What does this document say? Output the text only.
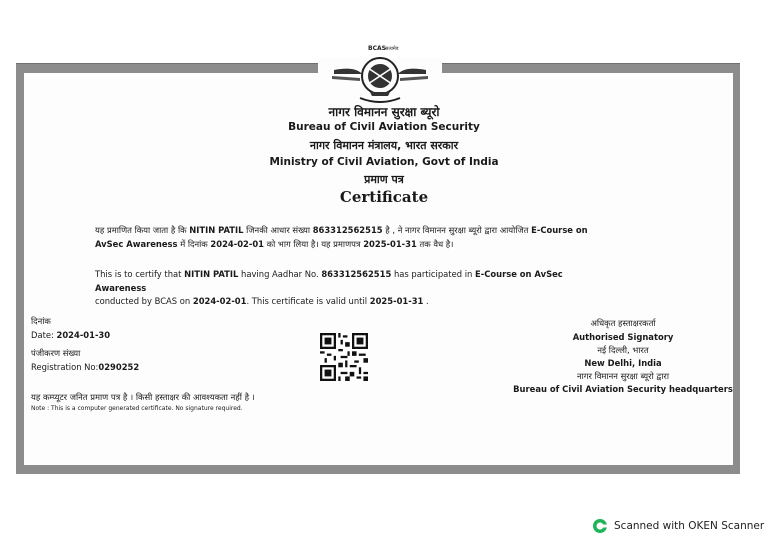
BCAS सत्यमेव
नागर विमानन सुरक्षा ब्यूरो
Bureau of Civil Aviation Security
नागर विमानन मंत्रालय, भारत सरकार
Ministry of Civil Aviation, Govt of India
प्रमाण पत्र
Certificate
यह प्रमाणित किया जाता है कि NITIN PATIL जिनकी आधार संख्या 863312562515 है , ने नागर विमानन सुरक्षा ब्यूरो द्वारा आयोजित E-Course on AvSec Awareness में दिनांक 2024-02-01 को भाग लिया है। यह प्रमाणपत्र 2025-01-31 तक वैध है।
This is to certify that NITIN PATIL having Aadhar No. 863312562515 has participated in E-Course on AvSec Awareness
conducted by BCAS on 2024-02-01. This certificate is valid until 2025-01-31 .
दिनांक
Date: 2024-01-30
पंजीकरण संख्या
Registration No:0290252
अधिकृत हस्ताक्षरकर्ता
Authorised Signatory
नई दिल्ली, भारत
New Delhi, India
नागर विमानन सुरक्षा ब्यूरो द्वारा
Bureau of Civil Aviation Security headquarters
यह कम्प्यूटर जनित प्रमाण पत्र है । किसी हस्ताक्षर की आवश्यकता नहीं है ।
Note : This is a computer generated certificate. No signature required.
Scanned with OKEN Scanner
